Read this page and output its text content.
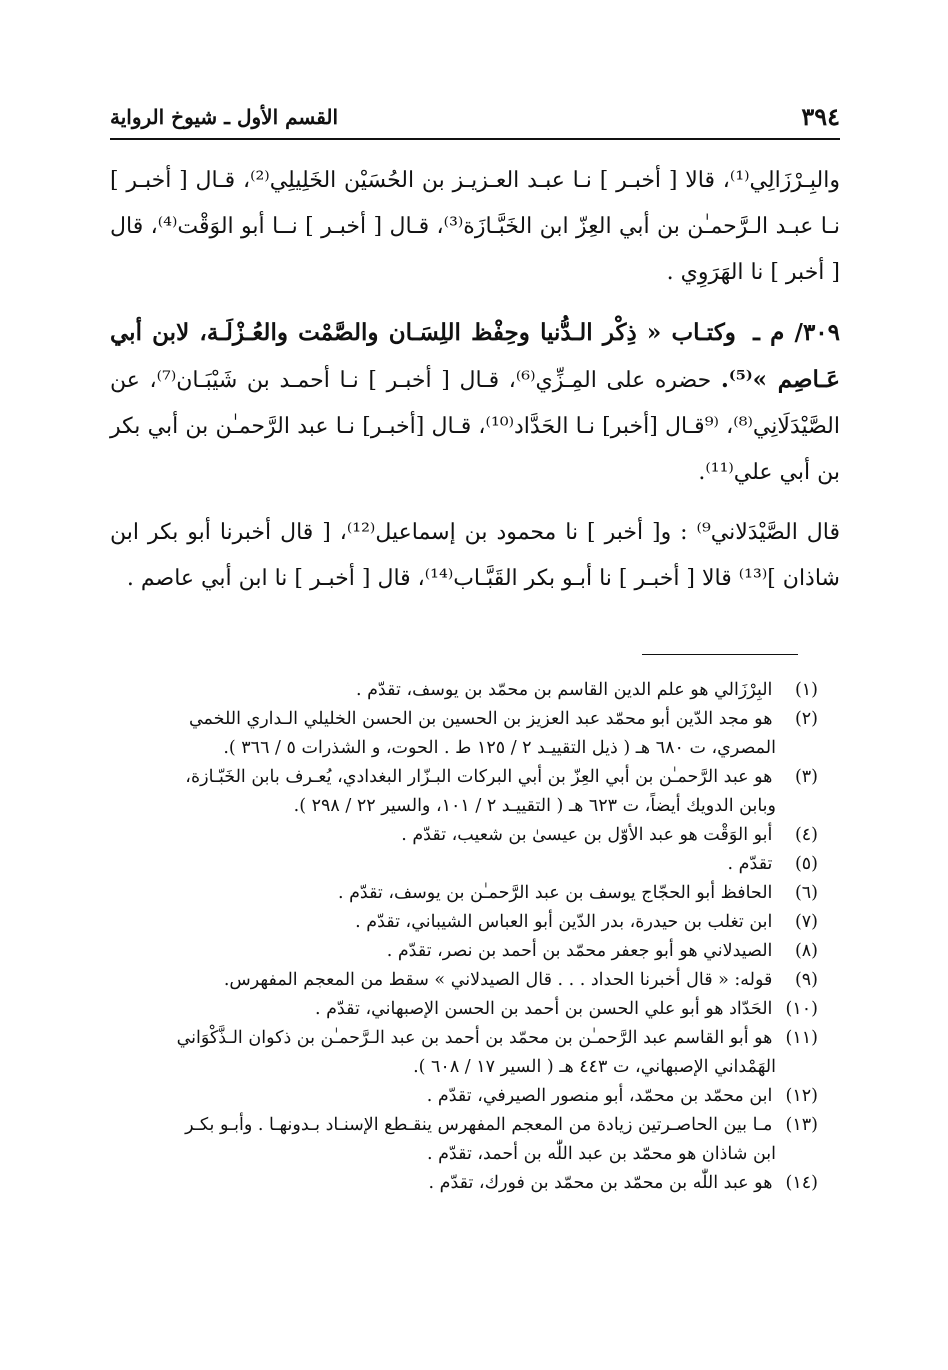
٣٩٤
القسم الأول ـ شيوخ الرواية

والبِـرْزَالِي⁽¹⁾، قالا [ أخبـر ] نـا عبـد العـزيـز بن الحُسَيْن الخَلِيلِي⁽²⁾، قـال [ أخبـر ] نـا عبـد الـرَّحمـٰن بن أبي العِزّ ابن الخَبَّـازَة⁽³⁾، قـال [ أخبـر ] نــا أبو الوَقْت⁽⁴⁾، قال [ أخبر ] نا الهَرَوِي .

٣٠٩/ م ـ وكتـاب « ذِكْر الـدُّنيا وحِفْظ اللِسَـان والصَّمْت والعُـزْلَـة، لابن أبي عَـاصِم »⁽⁵⁾. حضره على المِـزِّي⁽⁶⁾، قـال [ أخبـر ] نـا أحمـد بن شَيْبَـان⁽⁷⁾، عن الصَّيْدَلَانِي⁽⁸⁾، ⁽⁹قـال [أخبر] نـا الحَدَّاد⁽¹⁰⁾، قـال [أخبـر] نـا عبد الرَّحمـٰن بن أبي بكر بن أبي علي⁽¹¹⁾.

قال الصَّيْدَلاني⁹⁾ : و[ أخبر ] نا محمود بن إسماعيل⁽¹²⁾، [ قال أخبرنا أبو بكر ابن شاذان ]⁽¹³⁾ قالا [ أخبـر ] نا أبـو بكر القَبَّـاب⁽¹⁴⁾، قال [ أخبـر ] نا ابن أبي عاصم .

(١) البِرْزَالي هو علم الدين القاسم بن محمّد بن يوسف، تقدّم .

(٢) هو مجد الدّين أبو محمّد عبد العزيز بن الحسين بن الحسن الخليلي الـداري اللخمي

المصري، ت ٦٨٠ هـ ( ذيل التقييـد ٢ / ١٢٥ ط . الحوت، و الشذرات ٥ / ٣٦٦ ).

(٣) هو عبد الرَّحمـٰن بن أبي العِزّ بن أبي البركات البـزّار البغدادي، يُعـرف بابن الخَبّـازة،

وبابن الدويك أيضاً، ت ٦٢٣ هـ ( التقييـد ٢ / ١٠١، والسير ٢٢ / ٢٩٨ ).

(٤) أبو الوَقْت هو عبد الأوّل بن عيسىٰ بن شعيب، تقدّم .

(٥) تقدّم .

(٦) الحافظ أبو الحجّاج يوسف بن عبد الرَّحمـٰن بن يوسف، تقدّم .

(٧) ابن تغلب بن حيدرة، بدر الدّين أبو العباس الشيباني، تقدّم .

(٨) الصيدلاني هو أبو جعفر محمّد بن أحمد بن نصر، تقدّم .

(٩) قوله: « قال أخبرنا الحداد . . . قال الصيدلاني » سقط من المعجم المفهرس.

(١٠) الحَدّاد هو أبو علي الحسن بن أحمد بن الحسن الإصبهاني، تقدّم .

(١١) هو أبو القاسم عبد الرَّحمـٰن بن محمّد بن أحمد بن عبد الـرَّحمـٰن بن ذكوان الـذَّكْوَاني

الهَمْداني الإصبهاني، ت ٤٤٣ هـ ( السير ١٧ / ٦٠٨ ).

(١٢) ابن محمّد بن محمّد، أبو منصور الصيرفي، تقدّم .

(١٣) مـا بين الحاصـرتين زيادة من المعجم المفهرس ينقـطع الإسنـاد بـدونهـا . وأبـو بكـر

ابن شاذان هو محمّد بن عبد اللّٰه بن أحمد، تقدّم .

(١٤) هو عبد اللّٰه بن محمّد بن محمّد بن فورك، تقدّم .
